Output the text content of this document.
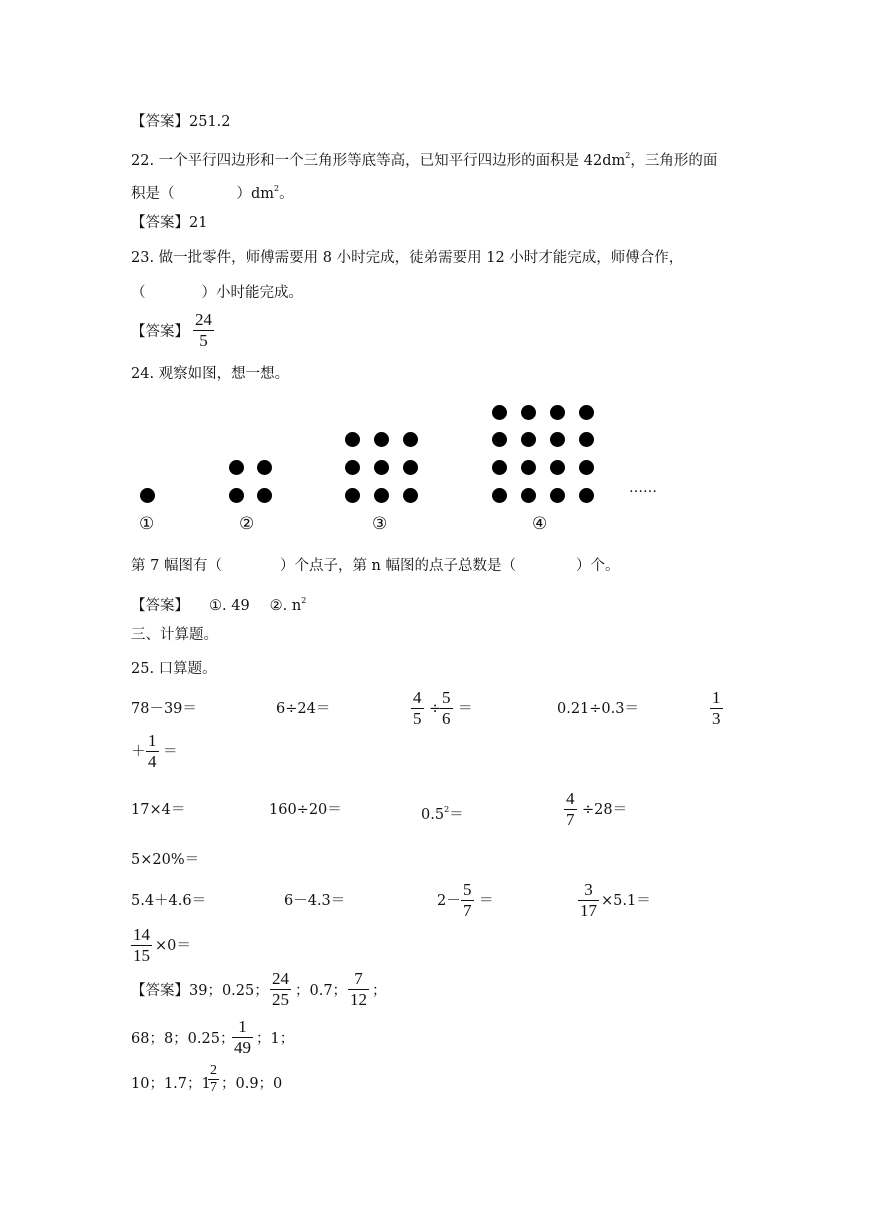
【答案】251.2
22. 一个平行四边形和一个三角形等底等高，已知平行四边形的面积是 $42dm^2$，三角形的面
积是（	）$dm^2$。
【答案】21
23. 做一批零件，师傅需要用 8 小时完成，徒弟需要用 12 小时才能完成，师傅合作，
（	）小时能完成。
【答案】
24
5
24. 观察如图，想一想。
……
①	②	③	④
第 7 幅图有（	）个点子，第 n 幅图的点子总数是（	）个。
【答案】 ①. 49 ②. $n^2$
三、计算题。
25. 口算题。
78－39＝	6÷24＝
4
5 ÷
5
6 ＝	0.21÷0.3＝
1
3
＋
1
4 ＝
17×4＝	160÷20＝	$0.5^2=$
4
7 ÷28＝
5×20%＝
5.4＋4.6＝	6－4.3＝	2－
5
7 ＝
3
17 ×5.1＝
14
15 ×0＝
【答案】39；0.25；
24
25 ；0.7；
7
12 ；
68；8；0.25；
1
49 ；1；
10；1.7；1
2
7 ；0.9；0
